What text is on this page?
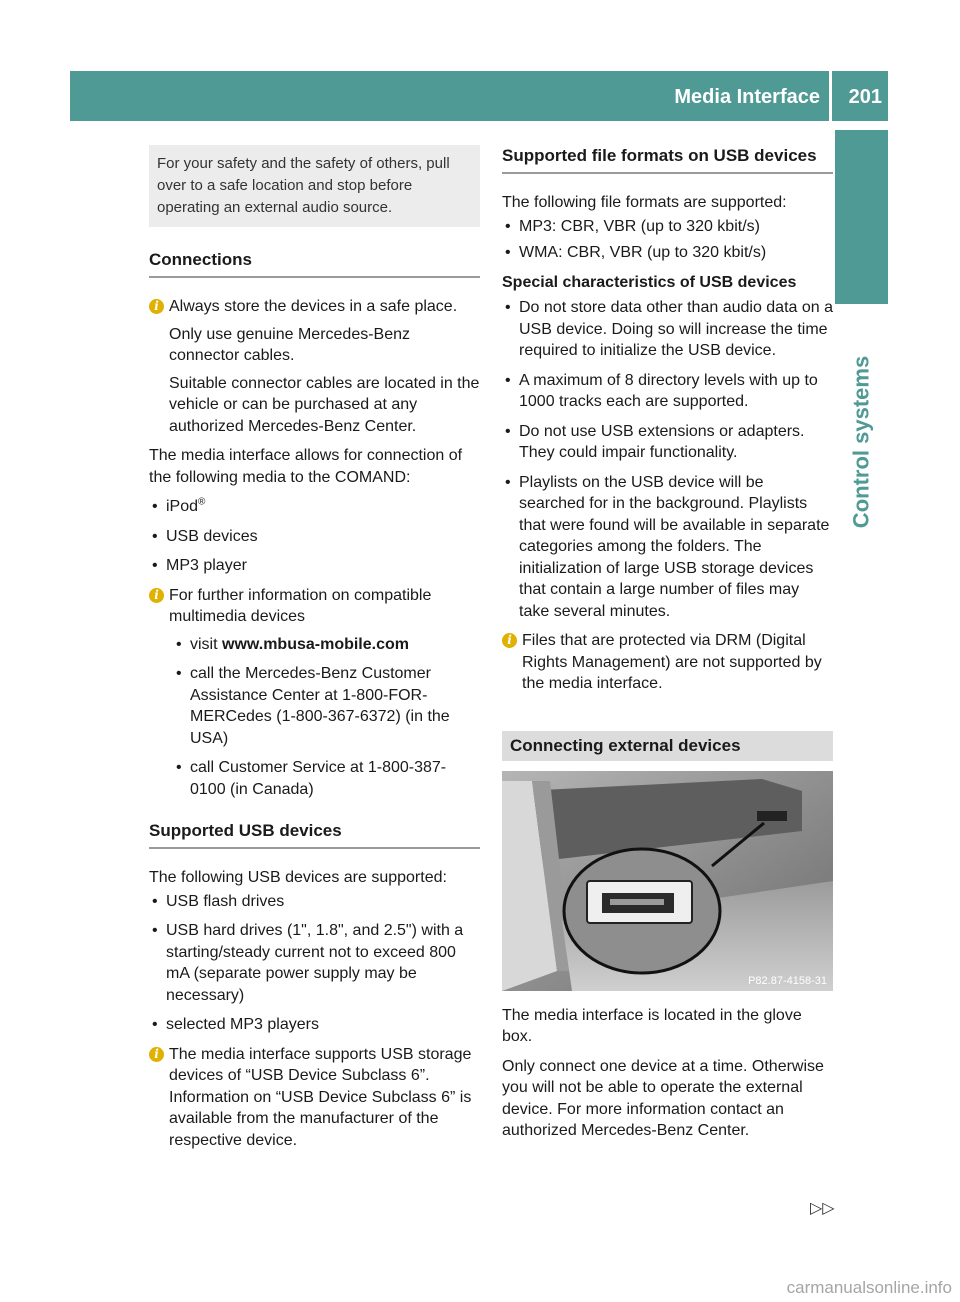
Media Interface 201
Control systems
For your safety and the safety of others, pull over to a safe location and stop before operating an external audio source.
Connections
i Always store the devices in a safe place.

Only use genuine Mercedes-Benz connector cables.

Suitable connector cables are located in the vehicle or can be purchased at any authorized Mercedes-Benz Center.

The media interface allows for connection of the following media to the COMAND:

• iPod®
• USB devices
• MP3 player
i For further information on compatible multimedia devices

• visit www.mbusa-mobile.com
• call the Mercedes-Benz Customer Assistance Center at 1-800-FOR-MERCedes (1-800-367-6372) (in the USA)
• call Customer Service at 1-800-387-0100 (in Canada)
Supported USB devices

The following USB devices are supported:

• USB flash drives
• USB hard drives (1", 1.8", and 2.5") with a starting/steady current not to exceed 800 mA (separate power supply may be necessary)
• selected MP3 players
i The media interface supports USB storage devices of “USB Device Subclass 6”. Information on “USB Device Subclass 6” is available from the manufacturer of the respective device.

Supported file formats on USB devices

The following file formats are supported:

• MP3: CBR, VBR (up to 320 kbit/s)
• WMA: CBR, VBR (up to 320 kbit/s)

Special characteristics of USB devices

• Do not store data other than audio data on a USB device. Doing so will increase the time required to initialize the USB device.
• A maximum of 8 directory levels with up to 1000 tracks each are supported.
• Do not use USB extensions or adapters. They could impair functionality.
• Playlists on the USB device will be searched for in the background. Playlists that were found will be available in separate categories among the folders. The initialization of large USB storage devices that contain a large number of files may take several minutes.
i Files that are protected via DRM (Digital Rights Management) are not supported by the media interface.

Connecting external devices
P82.87-4158-31

The media interface is located in the glove box.

Only connect one device at a time. Otherwise you will not be able to operate the external device. For more information contact an authorized Mercedes-Benz Center.

▷▷
carmanualsonline.info
